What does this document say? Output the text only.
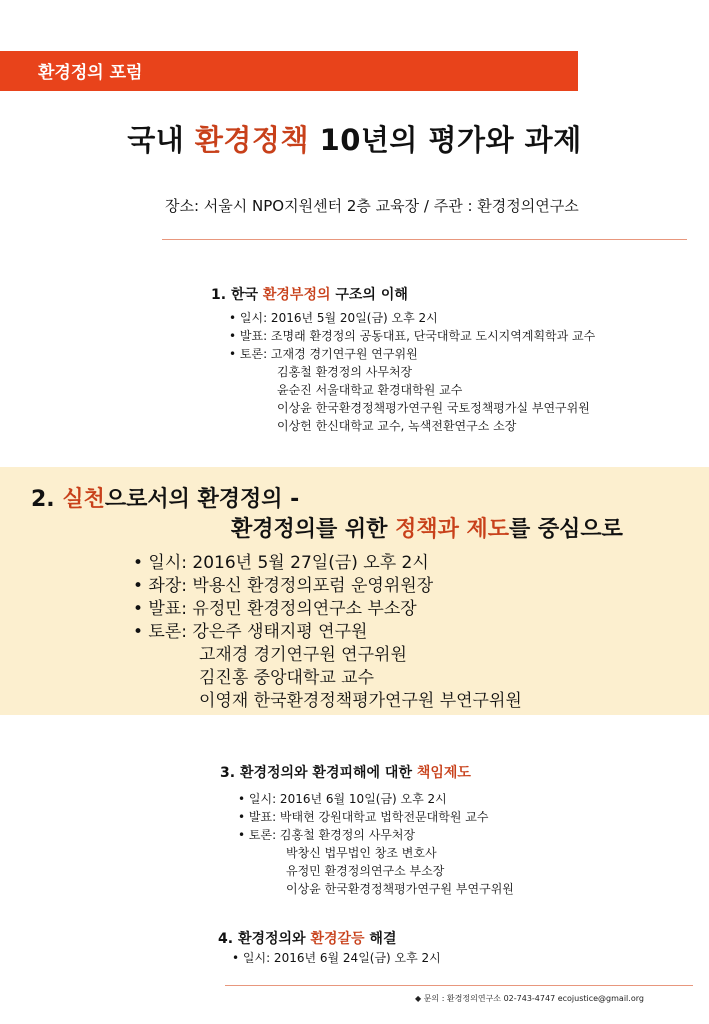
환경정의 포럼
국내 환경정책 10년의 평가와 과제
장소: 서울시 NPO지원센터 2층 교육장 / 주관 : 환경정의연구소
1. 한국 환경부정의 구조의 이해
• 일시: 2016년 5월 20일(금) 오후 2시
• 발표: 조명래 환경정의 공동대표, 단국대학교 도시지역계획학과 교수
• 토론: 고재경 경기연구원 연구위원
김홍철 환경정의 사무처장
윤순진 서울대학교 환경대학원 교수
이상윤 한국환경정책평가연구원 국토정책평가실 부연구위원
이상헌 한신대학교 교수, 녹색전환연구소 소장
2. 실천으로서의 환경정의 -
환경정의를 위한 정책과 제도를 중심으로
• 일시: 2016년 5월 27일(금) 오후 2시
• 좌장: 박용신 환경정의포럼 운영위원장
• 발표: 유정민 환경정의연구소 부소장
• 토론: 강은주 생태지평 연구원
고재경 경기연구원 연구위원
김진홍 중앙대학교 교수
이영재 한국환경정책평가연구원 부연구위원
3. 환경정의와 환경피해에 대한 책임제도
• 일시: 2016년 6월 10일(금) 오후 2시
• 발표: 박태현 강원대학교 법학전문대학원 교수
• 토론: 김홍철 환경정의 사무처장
박창신 법무법인 창조 변호사
유정민 환경정의연구소 부소장
이상윤 한국환경정책평가연구원 부연구위원
4. 환경정의와 환경갈등 해결
• 일시: 2016년 6월 24일(금) 오후 2시
◆ 문의 : 환경정의연구소 02-743-4747 ecojustice@gmail.org
